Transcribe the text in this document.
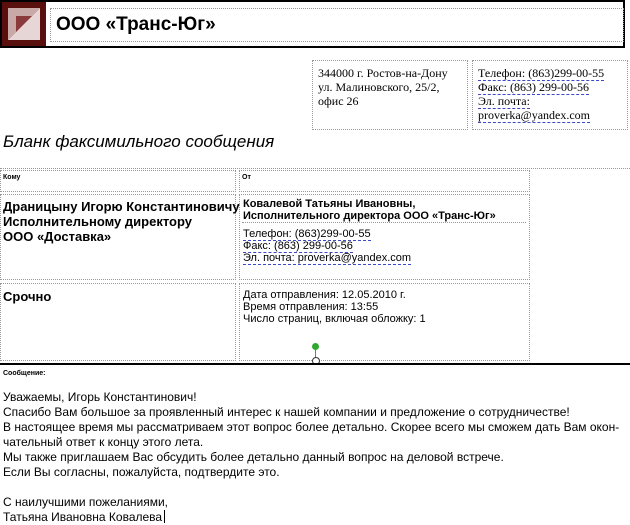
ООО «Транс-Юг»
344000 г. Ростов-на-Дону
ул. Малиновского, 25/2,
офис 26
Телефон: (863)299-00-55
Факс: (863) 299-00-56
Эл. почта:
proverka@yandex.com
Бланк факсимильного сообщения
Кому	От
Драницыну Игорю Константиновичу
Исполнительному директору
ООО «Доставка»
Ковалевой Татьяны Ивановны,
Исполнительного директора ООО «Транс-Юг»
Телефон: (863)299-00-55
Факс: (863) 299-00-56
Эл. почта: proverka@yandex.com
Срочно	Дата отправления: 12.05.2010 г.
Время отправления: 13:55
Число страниц, включая обложку: 1
Сообщение:
Уважаемы, Игорь Константинович!
Спасибо Вам большое за проявленный интерес к нашей компании и предложение о сотрудничестве!
В настоящее время мы рассматриваем этот вопрос более детально. Скорее всего мы сможем дать Вам окон-
чательный ответ к концу этого лета.
Мы также приглашаем Вас обсудить более детально данный вопрос на деловой встрече.
Если Вы согласны, пожалуйста, подтвердите это.
С наилучшими пожеланиями,
Татьяна Ивановна Ковалева
